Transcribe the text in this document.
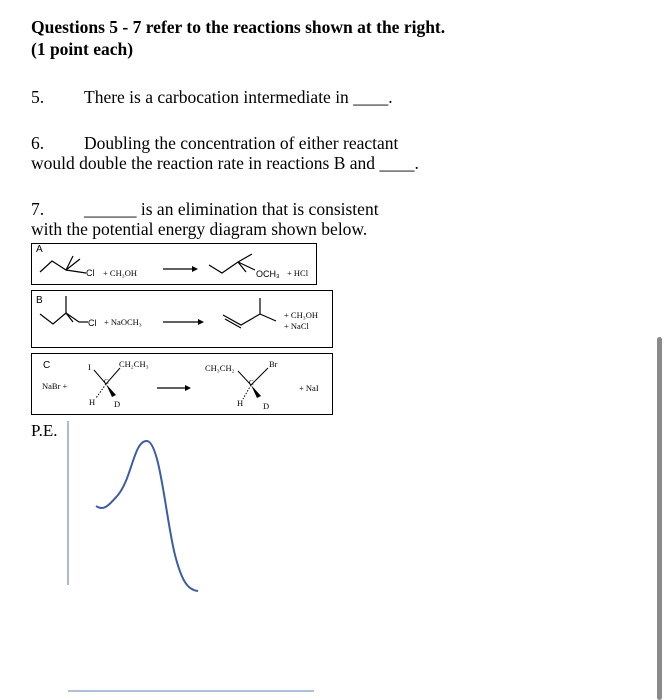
Questions 5 - 7 refer to the reactions shown at the right.
(1 point each)
5. There is a carbocation intermediate in ____.
6. Doubling the concentration of either reactant
would double the reaction rate in reactions B and ____.
7. ______ is an elimination that is consistent
with the potential energy diagram shown below.
A
Cl + CH₃OH	OCH₃ + HCl
B
Cl + NaOCH₃
+ CH₃OH
+ NaCl
C
NaBr +
I	CH₂CH₃
C
H D
CH₃CH₂	Br
C
H D
+ NaI
P.E.
